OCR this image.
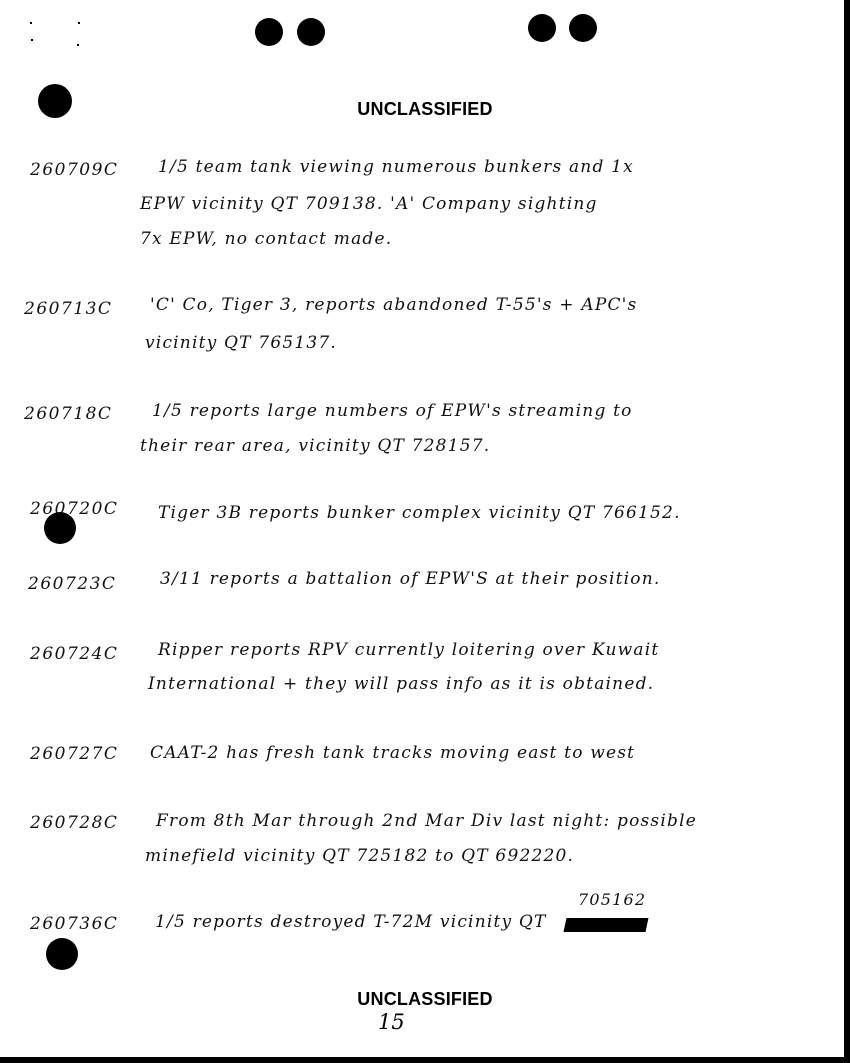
UNCLASSIFIED
260709C 1/5 team tank viewing numerous bunkers and 1x
EPW vicinity QT 709138. 'A' Company sighting
7x EPW, no contact made.
260713C 'C' Co, Tiger 3, reports abandoned T-55's + APC's
vicinity QT 765137.
260718C 1/5 reports large numbers of EPW's streaming to
their rear area, vicinity QT 728157.
260720C Tiger 3B reports bunker complex vicinity QT 766152.
260723C	3/11 reports a battalion of EPW'S at their position.
260724C Ripper reports RPV currently loitering over Kuwait
International + they will pass info as it is obtained.
260727C CAAT-2 has fresh tank tracks moving east to west
260728C From 8th Mar through 2nd Mar Div last night: possible
minefield vicinity QT 725182 to QT 692220.
260736C 1/5 reports destroyed T-72M vicinity QT
705162
UNCLASSIFIED
15
